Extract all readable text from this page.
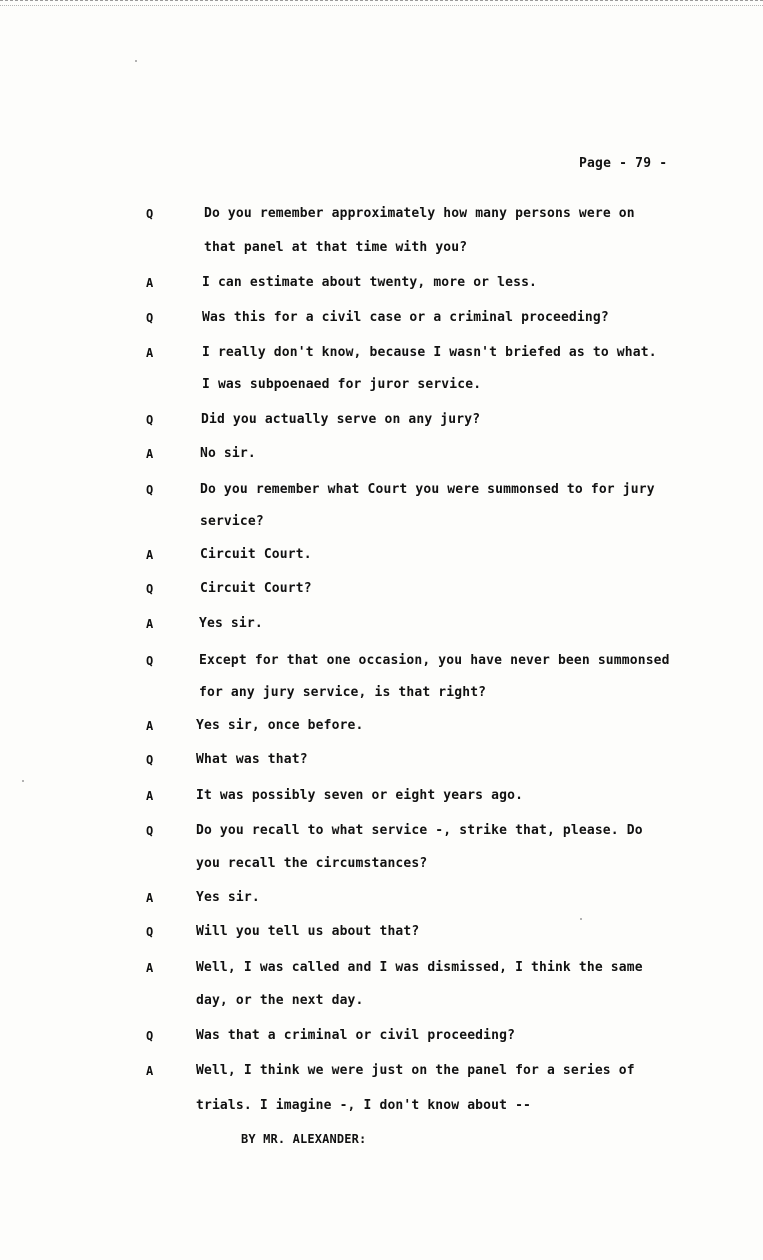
Page - 79 -
Q	Do you remember approximately how many persons were on
that panel at that time with you?
A	I can estimate about twenty, more or less.
Q	Was this for a civil case or a criminal proceeding?
A	I really don't know, because I wasn't briefed as to what.
I was subpoenaed for juror service.
Q	Did you actually serve on any jury?
A	No sir.
Q	Do you remember what Court you were summonsed to for jury
service?
A	Circuit Court.
Q	Circuit Court?
A	Yes sir.
Q	Except for that one occasion, you have never been summonsed
for any jury service, is that right?
A	Yes sir, once before.
Q	What was that?
A	It was possibly seven or eight years ago.
Q	Do you recall to what service -, strike that, please. Do
you recall the circumstances?
A	Yes sir.
Q	Will you tell us about that?
A	Well, I was called and I was dismissed, I think the same
day, or the next day.
Q	Was that a criminal or civil proceeding?
A	Well, I think we were just on the panel for a series of
trials. I imagine -, I don't know about --
BY MR. ALEXANDER:
